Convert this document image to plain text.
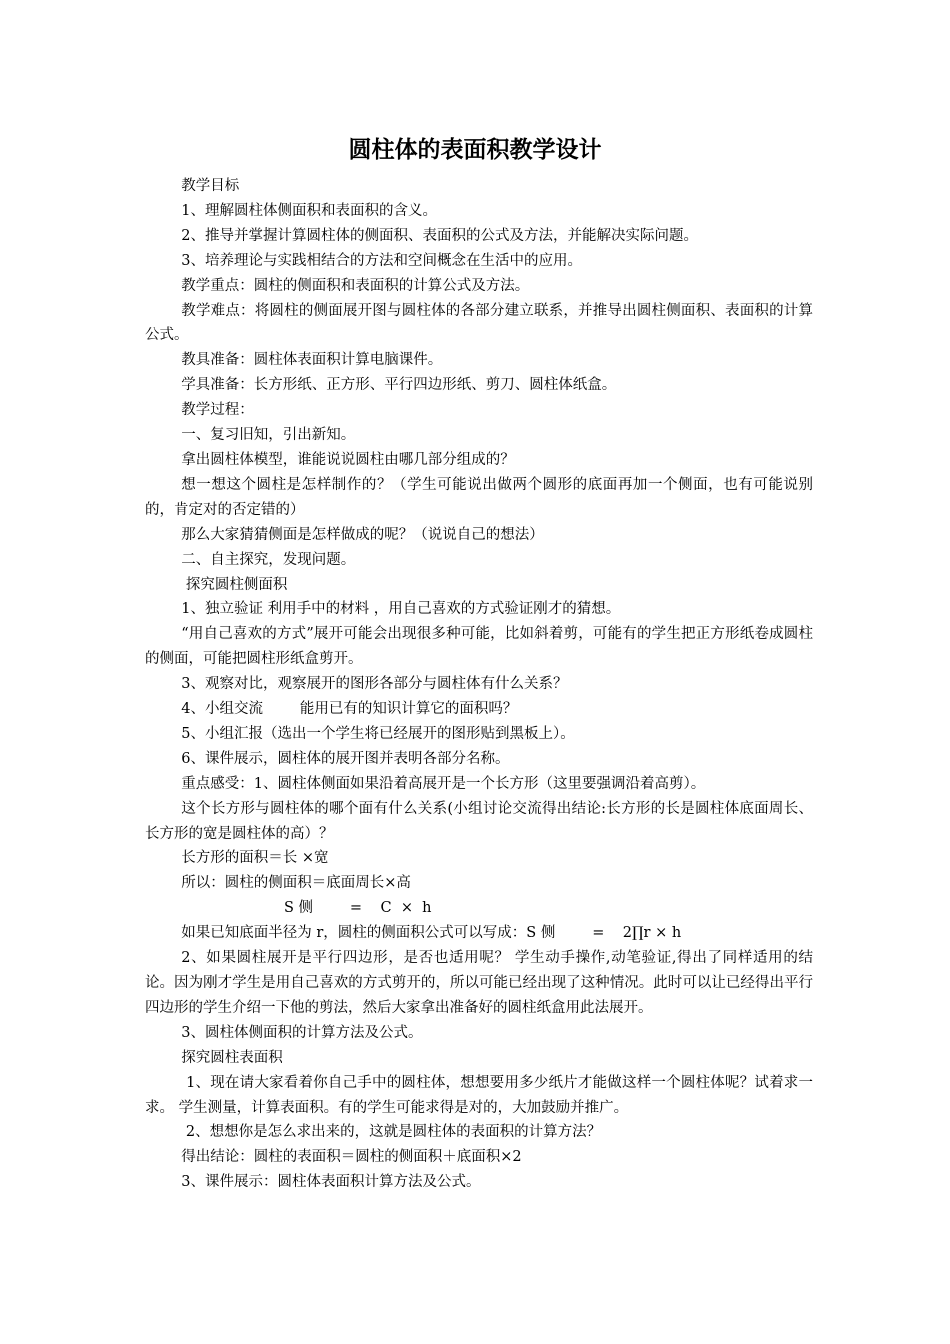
圆柱体的表面积教学设计

教学目标

1、理解圆柱体侧面积和表面积的含义。

2、推导并掌握计算圆柱体的侧面积、表面积的公式及方法，并能解决实际问题。

3、培养理论与实践相结合的方法和空间概念在生活中的应用。

教学重点：圆柱的侧面积和表面积的计算公式及方法。

教学难点：将圆柱的侧面展开图与圆柱体的各部分建立联系，并推导出圆柱侧面积、表面积的计算公式。

教具准备：圆柱体表面积计算电脑课件。

学具准备：长方形纸、正方形、平行四边形纸、剪刀、圆柱体纸盒。

教学过程：

一、复习旧知，引出新知。

拿出圆柱体模型，谁能说说圆柱由哪几部分组成的？

想一想这个圆柱是怎样制作的？（学生可能说出做两个圆形的底面再加一个侧面，也有可能说别的，肯定对的否定错的）

那么大家猜猜侧面是怎样做成的呢？（说说自己的想法）

二、自主探究，发现问题。

探究圆柱侧面积

1、独立验证 利用手中的材料 ，用自己喜欢的方式验证刚才的猜想。

“用自己喜欢的方式”展开可能会出现很多种可能，比如斜着剪，可能有的学生把正方形纸卷成圆柱的侧面，可能把圆柱形纸盒剪开。

3、观察对比，观察展开的图形各部分与圆柱体有什么关系？

4、小组交流        能用已有的知识计算它的面积吗？

5、小组汇报（选出一个学生将已经展开的图形贴到黑板上）。

6、课件展示，圆柱体的展开图并表明各部分名称。

重点感受：1、圆柱体侧面如果沿着高展开是一个长方形（这里要强调沿着高剪）。

这个长方形与圆柱体的哪个面有什么关系(小组讨论交流得出结论:长方形的长是圆柱体底面周长、长方形的宽是圆柱体的高）？

长方形的面积＝长 ×宽

所以：圆柱的侧面积＝底面周长×高

S 侧        =    C  ×  h

如果已知底面半径为 r，圆柱的侧面积公式可以写成：S 侧        =    2∏r × h

2、如果圆柱展开是平行四边形，是否也适用呢？ 学生动手操作,动笔验证,得出了同样适用的结论。因为刚才学生是用自己喜欢的方式剪开的，所以可能已经出现了这种情况。此时可以让已经得出平行四边形的学生介绍一下他的剪法，然后大家拿出准备好的圆柱纸盒用此法展开。

3、圆柱体侧面积的计算方法及公式。

探究圆柱表面积

1、现在请大家看着你自己手中的圆柱体，想想要用多少纸片才能做这样一个圆柱体呢？试着求一求。 学生测量，计算表面积。有的学生可能求得是对的，大加鼓励并推广。

2、想想你是怎么求出来的，这就是圆柱体的表面积的计算方法？

得出结论：圆柱的表面积＝圆柱的侧面积＋底面积×2

3、课件展示：圆柱体表面积计算方法及公式。
